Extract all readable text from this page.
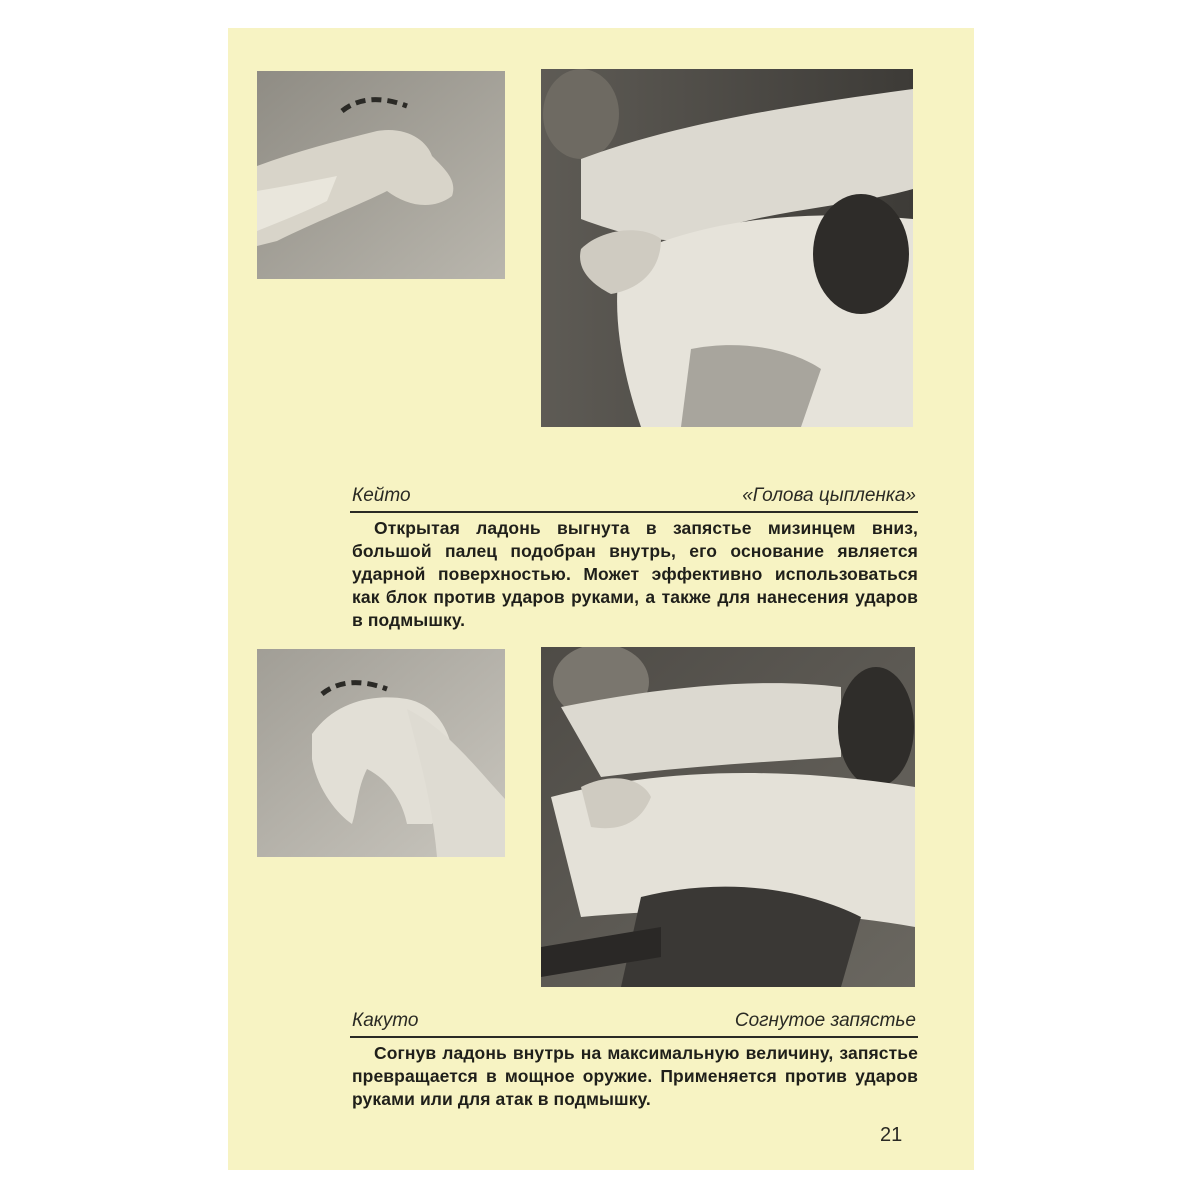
Кейто	«Голова цыпленка»
Открытая ладонь выгнута в запястье мизинцем вниз, большой палец подобран внутрь, его основание является ударной поверхностью. Может эффективно использоваться как блок против ударов руками, а также для нанесения ударов в подмышку.
Какуто	Согнутое запястье
Согнув ладонь внутрь на максимальную величину, запястье превращается в мощное оружие. Применяется против ударов руками или для атак в подмышку.
21
